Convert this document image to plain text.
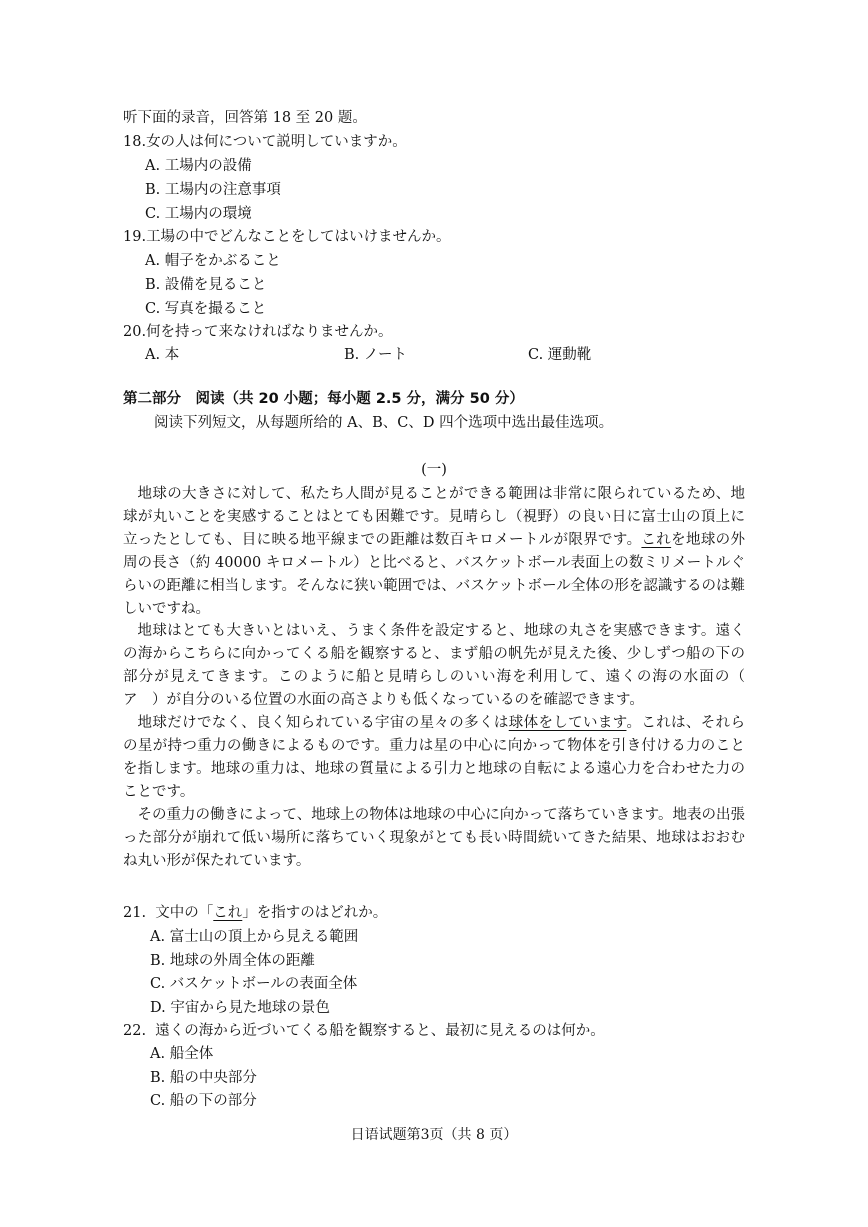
听下面的录音，回答第 18 至 20 题。
18.女の人は何について説明していますか。
A. 工場内の設備
B. 工場内の注意事項
C. 工場内の環境
19.工場の中でどんなことをしてはいけませんか。
A. 帽子をかぶること
B. 設備を見ること
C. 写真を撮ること
20.何を持って来なければなりませんか。
A. 本	B. ノート	C. 運動靴
第二部分　阅读（共 20 小题；每小题 2.5 分，满分 50 分）
阅读下列短文，从每题所给的 A、B、C、D 四个选项中选出最佳选项。
(一)

地球の大きさに対して、私たち人間が見ることができる範囲は非常に限られているため、地球が丸いことを実感することはとても困難です。見晴らし（視野）の良い日に富士山の頂上に立ったとしても、目に映る地平線までの距離は数百キロメートルが限界です。これを地球の外周の長さ（約 40000 キロメートル）と比べると、バスケットボール表面上の数ミリメートルぐらいの距離に相当します。そんなに狭い範囲では、バスケットボール全体の形を認識するのは難しいですね。

地球はとても大きいとはいえ、うまく条件を設定すると、地球の丸さを実感できます。遠くの海からこちらに向かってくる船を観察すると、まず船の帆先が見えた後、少しずつ船の下の部分が見えてきます。このように船と見晴らしのいい海を利用して、遠くの海の水面の（　ア　）が自分のいる位置の水面の高さよりも低くなっているのを確認できます。

地球だけでなく、良く知られている宇宙の星々の多くは球体をしています。これは、それらの星が持つ重力の働きによるものです。重力は星の中心に向かって物体を引き付ける力のことを指します。地球の重力は、地球の質量による引力と地球の自転による遠心力を合わせた力のことです。

その重力の働きによって、地球上の物体は地球の中心に向かって落ちていきます。地表の出張った部分が崩れて低い場所に落ちていく現象がとても長い時間続いてきた結果、地球はおおむね丸い形が保たれています。

21. 文中の「これ」を指すのはどれか。
A. 富士山の頂上から見える範囲
B. 地球の外周全体の距離
C. バスケットボールの表面全体
D. 宇宙から見た地球の景色
22. 遠くの海から近づいてくる船を観察すると、最初に見えるのは何か。
A. 船全体
B. 船の中央部分
C. 船の下の部分
日语试题第3页（共 8 页）
